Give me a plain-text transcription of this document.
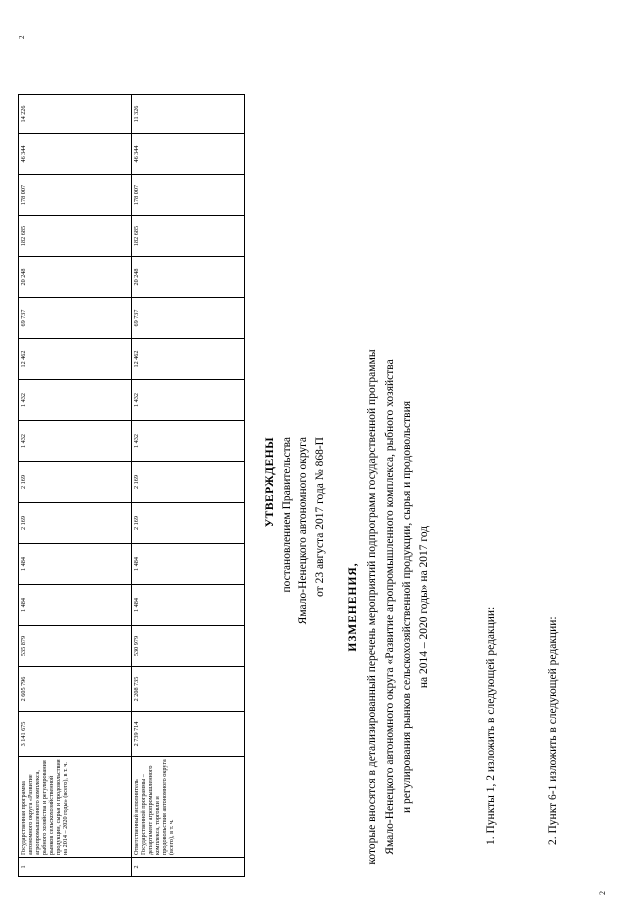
2
2
УТВЕРЖДЕНЫ постановлением Правительства Ямало-Ненецкого автономного округа от 23 августа 2017 года № 868-П
ИЗМЕНЕНИЯ, которые вносятся в детализированный перечень мероприятий подпрограмм государственной программы Ямало-Ненецкого автономного округа «Развитие агропромышленного комплекса, рыбного хозяйства и регулирования рынков сельскохозяйственной продукции, сырья и продовольствия на 2014 – 2020 годы» на 2017 год	1. Пункты 1, 2 изложить в следующей редакции:	2. Пункт 6-1 изложить в следующей редакции:
1	Государственная программа автономного округа «Развитие агропромышленного комплекса, рыбного хозяйства и регулирования рынков сельскохозяйственной продукции, сырья и продовольствия на 2014 – 2020 годы» (всего), в т. ч.	3 141 675	2 605 796	535 879	1 484	1 484	2 169	2 169	1 432	1 432	12 462	69 737	20 248	182 685	178 007	46 344	14 226
2	Ответственный исполнитель Государственной программы – департамент агропромышленного комплекса, торговли и продовольствия автономного округа (всего), в т. ч.	2 739 714	2 208 735	530 979	1 484	1 484	2 169	2 169	1 432	1 432	12 462	69 737	20 248	182 685	178 007	46 344	11 326
